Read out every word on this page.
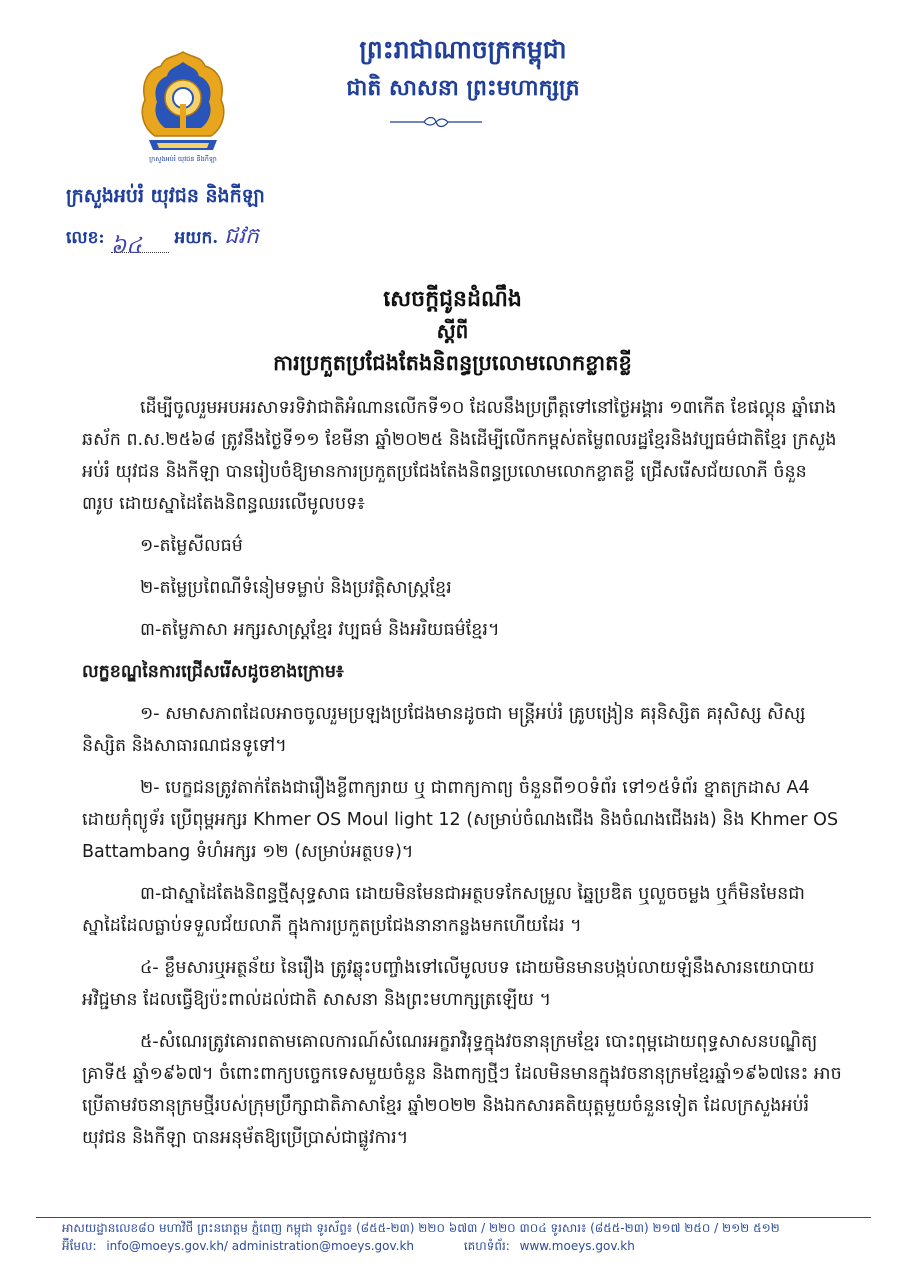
ក្រសួងអប់រំ យុវជន និងកីឡា
ព្រះរាជាណាចក្រកម្ពុជា
ជាតិ សាសនា ព្រះមហាក្សត្រ
ក្រសួងអប់រំ យុវជន និងកីឡា
លេខ: ៦៤ អយក. ជវក
សេចក្តីជូនដំណឹង
ស្តីពី
ការប្រកួតប្រជែងតែងនិពន្ធប្រលោមលោកខ្លាតខ្លី

ដើម្បីចូលរួមអបអរសាទរទិវាជាតិអំណានលើកទី១០ ដែលនឹងប្រព្រឹត្តទៅនៅថ្ងៃអង្គារ ១៣កើត ខែផល្គុន ឆ្នាំរោង ឆស័ក ព.ស.២៥៦៨ ត្រូវនឹងថ្ងៃទី១១ ខែមីនា ឆ្នាំ២០២៥ និងដើម្បីលើកកម្ពស់តម្លៃពលរដ្ឋខ្មែរនិងវប្បធម៌ជាតិខ្មែរ ក្រសួងអប់រំ យុវជន និងកីឡា បានរៀបចំឱ្យមានការប្រកួតប្រជែងតែងនិពន្ធប្រលោមលោកខ្លាតខ្លី ជ្រើសរើសជ័យលាភី ចំនួន ៣រូប ដោយស្នាដៃតែងនិពន្ធឈរលើមូលបទ៖

១-តម្លៃសីលធម៌

២-តម្លៃប្រពៃណីទំនៀមទម្លាប់ និងប្រវត្តិសាស្ត្រខ្មែរ

៣-តម្លៃភាសា អក្សរសាស្ត្រខ្មែរ វប្បធម៌ និងអរិយធម៌ខ្មែរ។

លក្ខខណ្ឌនៃការជ្រើសរើសដូចខាងក្រោម៖

១- សមាសភាពដែលអាចចូលរួមប្រឡងប្រជែងមានដូចជា មន្ត្រីអប់រំ គ្រូបង្រៀន គរុនិស្សិត គរុសិស្ស សិស្ស និស្សិត និងសាធារណជនទូទៅ។

២- បេក្ខជនត្រូវតាក់តែងជារឿងខ្លីពាក្យរាយ ឬ ជាពាក្យកាព្យ ចំនួនពី១០ទំព័រ ទៅ១៥ទំព័រ ខ្នាតក្រដាស A4 ដោយកុំព្យូទ័រ ប្រើពុម្ពអក្សរ Khmer OS Moul light 12 (សម្រាប់ចំណងជើង និងចំណងជើងរង) និង Khmer OS Battambang ទំហំអក្សរ ១២ (សម្រាប់អត្ថបទ)។

៣-ជាស្នាដៃតែងនិពន្ធថ្មីសុទ្ធសាធ ដោយមិនមែនជាអត្ថបទកែសម្រួល ឆ្នៃប្រឌិត ឬលួចចម្លង ឬក៏មិនមែនជាស្នាដៃដែលធ្លាប់ទទួលជ័យលាភី ក្នុងការប្រកួតប្រជែងនានាកន្លងមកហើយដែរ ។

៤- ខ្លឹមសារឬអត្ថន័យ នៃរឿង ត្រូវឆ្លុះបញ្ចាំងទៅលើមូលបទ ដោយមិនមានបង្កប់លាយឡំនឹងសារនយោបាយអវិជ្ជមាន ដែលធ្វើឱ្យប៉ះពាល់ដល់ជាតិ សាសនា និងព្រះមហាក្សត្រឡើយ ។

៥-សំណេរត្រូវគោរពតាមគោលការណ៍សំណេរអក្ខរាវិរុទ្ធក្នុងវចនានុក្រមខ្មែរ បោះពុម្ពដោយពុទ្ធសាសនបណ្ឌិត្យគ្រាទី៥ ឆ្នាំ១៩៦៧។ ចំពោះពាក្យបច្ចេកទេសមួយចំនួន និងពាក្យថ្មីៗ ដែលមិនមានក្នុងវចនានុក្រមខ្មែរឆ្នាំ១៩៦៧នេះ អាចប្រើតាមវចនានុក្រមថ្មីរបស់ក្រុមប្រឹក្សាជាតិភាសាខ្មែរ ឆ្នាំ២០២២ និងឯកសារគតិយុត្តមួយចំនួនទៀត ដែលក្រសួងអប់រំ យុវជន និងកីឡា បានអនុម័តឱ្យប្រើប្រាស់ជាផ្លូវការ។

អាសយដ្ឋានលេខ៨០ មហាវិថី ព្រះនរោត្តម ភ្នំពេញ កម្ពុជា ទូរស័ព្ទ៖ (៨៥៥-២៣) ២២០ ៦៧៣ / ២២០ ៣០៤ ទូរសារ៖ (៨៥៥-២៣) ២១៧ ២៥០ / ២១២ ៥១២
អ៊ីមែល: info@moeys.gov.kh/ administration@moeys.gov.kh	គេហទំព័រ: www.moeys.gov.kh
